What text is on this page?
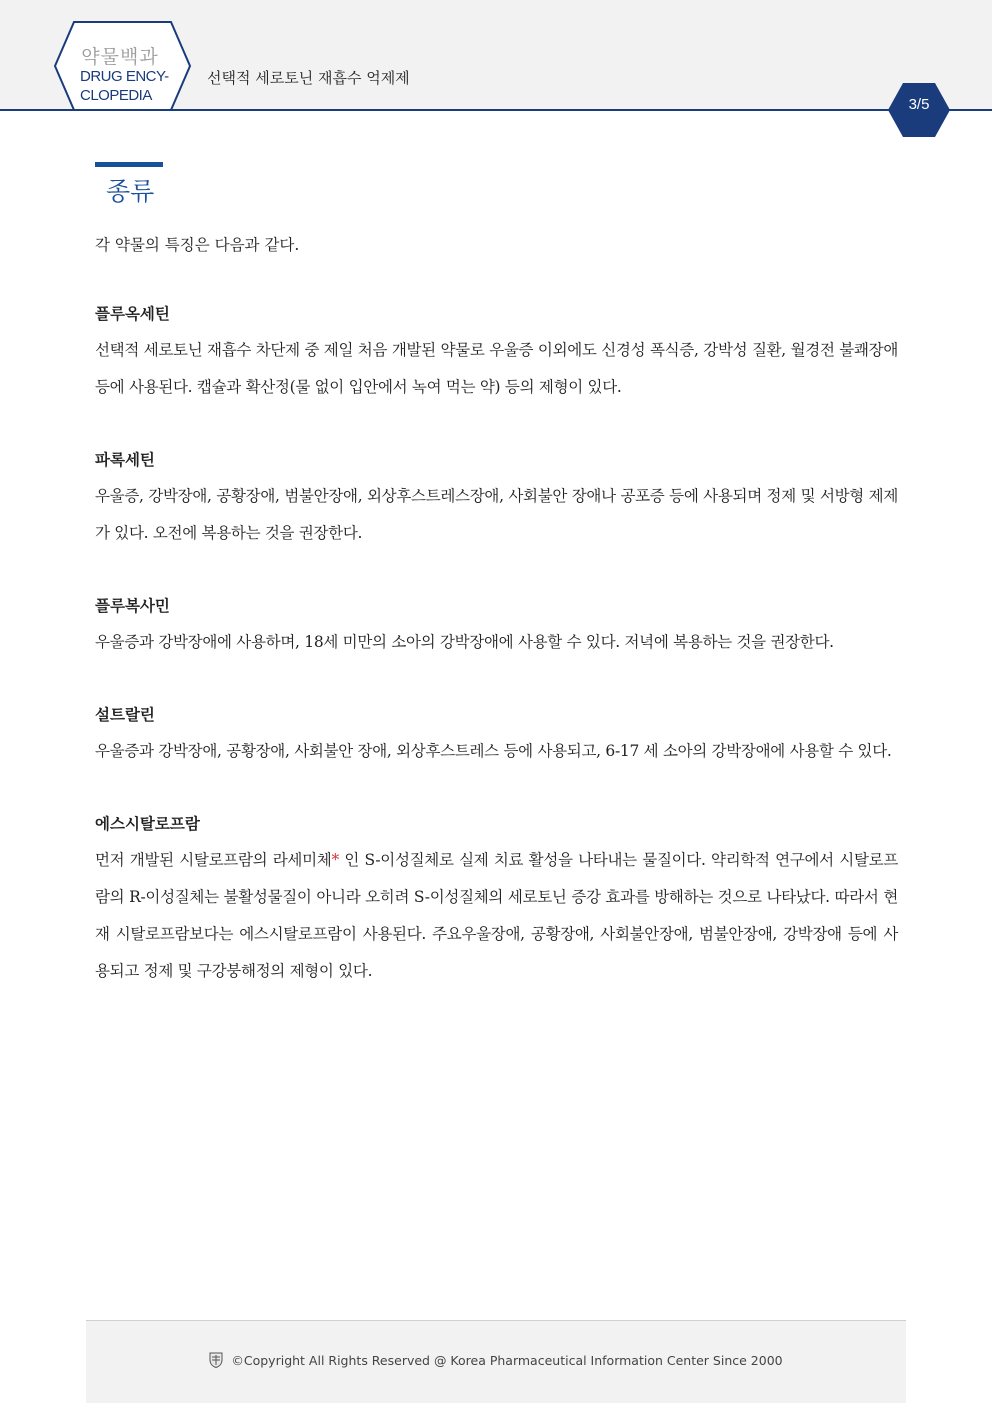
약물백과
DRUG ENCY-
CLOPEDIA
선택적 세로토닌 재흡수 억제제
3/5
종류

각 약물의 특징은 다음과 같다.

플루옥세틴

선택적 세로토닌 재흡수 차단제 중 제일 처음 개발된 약물로 우울증 이외에도 신경성 폭식증, 강박성 질환, 월경전 불쾌장애 등에 사용된다. 캡슐과 확산정(물 없이 입안에서 녹여 먹는 약) 등의 제형이 있다.

파록세틴

우울증, 강박장애, 공황장애, 범불안장애, 외상후스트레스장애, 사회불안 장애나 공포증 등에 사용되며 정제 및 서방형 제제가 있다. 오전에 복용하는 것을 권장한다.

플루복사민

우울증과 강박장애에 사용하며, 18세 미만의 소아의 강박장애에 사용할 수 있다. 저녁에 복용하는 것을 권장한다.

설트랄린

우울증과 강박장애, 공황장애, 사회불안 장애, 외상후스트레스 등에 사용되고, 6-17 세 소아의 강박장애에 사용할 수 있다.

에스시탈로프람

먼저 개발된 시탈로프람의 라세미체* 인 S-이성질체로 실제 치료 활성을 나타내는 물질이다. 약리학적 연구에서 시탈로프람의 R-이성질체는 불활성물질이 아니라 오히려 S-이성질체의 세로토닌 증강 효과를 방해하는 것으로 나타났다. 따라서 현재 시탈로프람보다는 에스시탈로프람이 사용된다. 주요우울장애, 공황장애, 사회불안장애, 범불안장애, 강박장애 등에 사용되고 정제 및 구강붕해정의 제형이 있다.

©Copyright All Rights Reserved @ Korea Pharmaceutical Information Center Since 2000
